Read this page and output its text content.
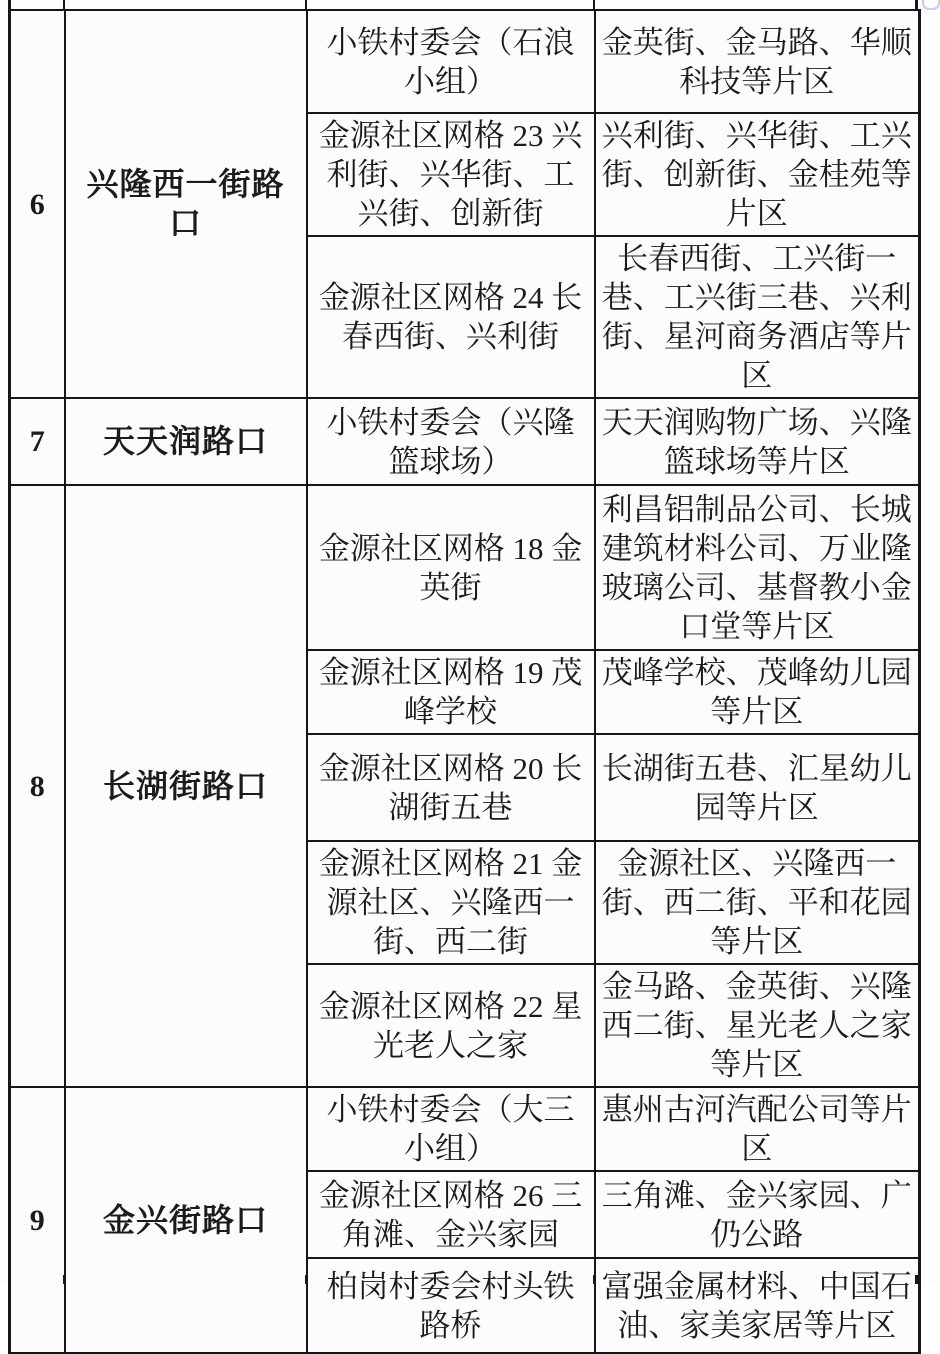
6	兴隆西一街路口	小铁村委会（石浪小组）	金英街、金马路、华顺科技等片区
		金源社区网格 23 兴利街、兴华街、工兴街、创新街	兴利街、兴华街、工兴街、创新街、金桂苑等片区
		金源社区网格 24 长春西街、兴利街	长春西街、工兴街一巷、工兴街三巷、兴利街、星河商务酒店等片区
7	天天润路口	小铁村委会（兴隆篮球场）	天天润购物广场、兴隆篮球场等片区
8	长湖街路口	金源社区网格 18 金英街	利昌铝制品公司、长城建筑材料公司、万业隆玻璃公司、基督教小金口堂等片区
		金源社区网格 19 茂峰学校	茂峰学校、茂峰幼儿园等片区
		金源社区网格 20 长湖街五巷	长湖街五巷、汇星幼儿园等片区
		金源社区网格 21 金源社区、兴隆西一街、西二街	金源社区、兴隆西一街、西二街、平和花园等片区
		金源社区网格 22 星光老人之家	金马路、金英街、兴隆西二街、星光老人之家等片区
9	金兴街路口	小铁村委会（大三小组）	惠州古河汽配公司等片区
		金源社区网格 26 三角滩、金兴家园	三角滩、金兴家园、广仍公路
		柏岗村委会村头铁路桥	富强金属材料、中国石油、家美家居等片区
